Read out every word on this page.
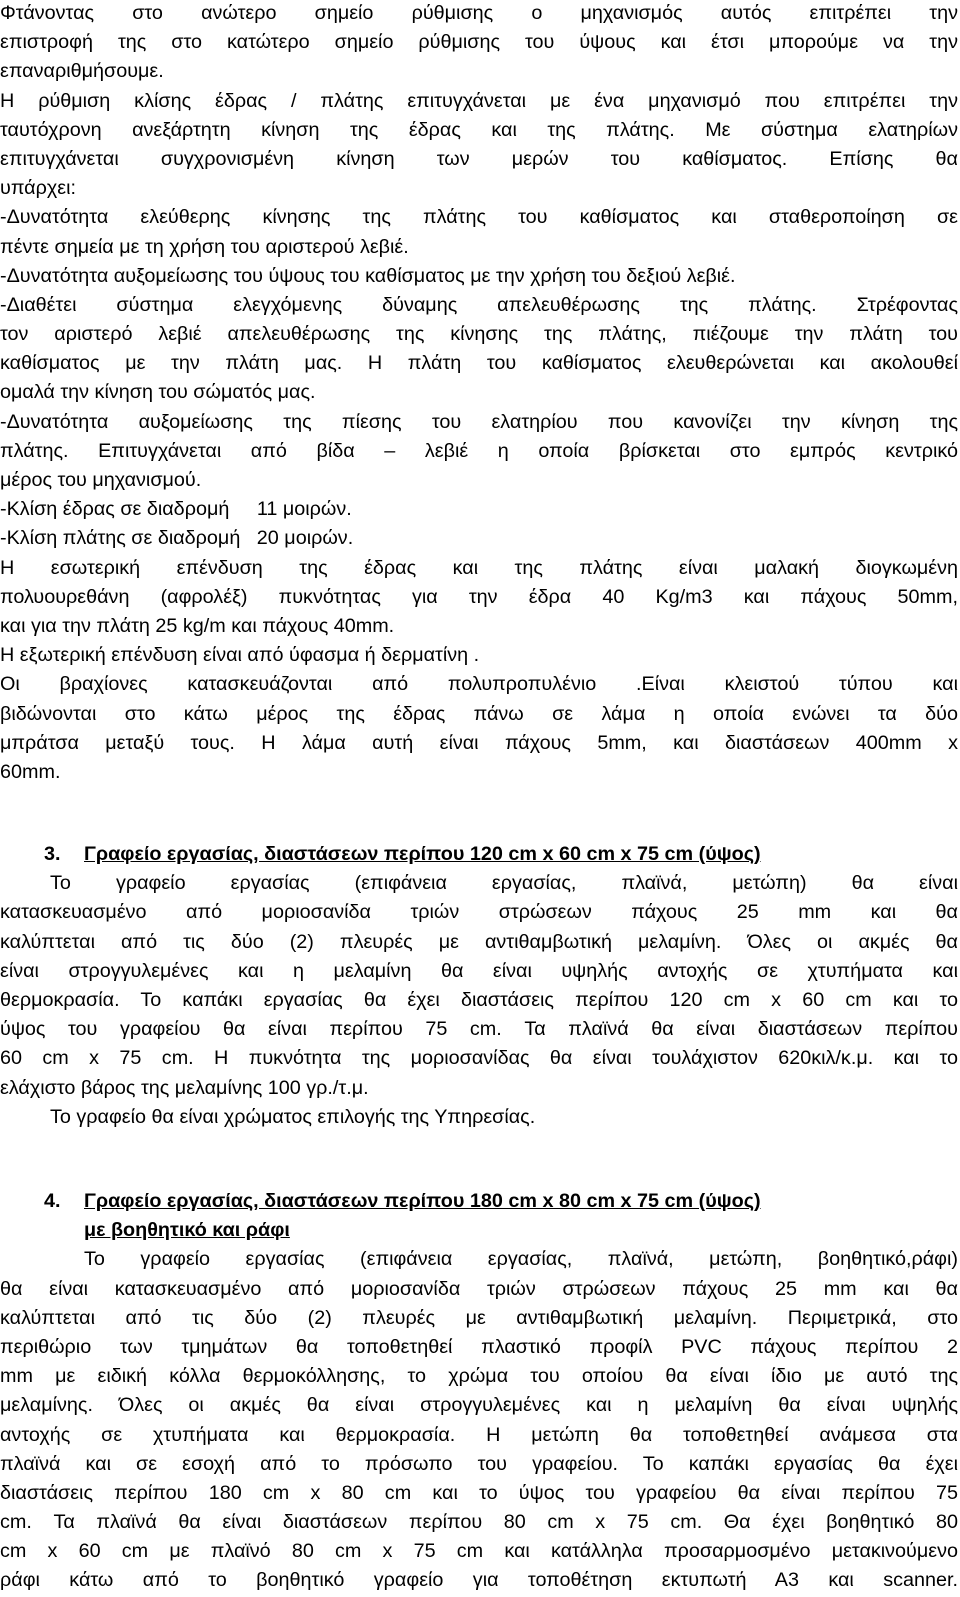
Φτάνοντας στο ανώτερο σημείο ρύθμισης ο μηχανισμός αυτός επιτρέπει την
επιστροφή της στο κατώτερο σημείο ρύθμισης του ύψους και έτσι μπορούμε να την
επαναριθμήσουμε.
Η ρύθμιση κλίσης έδρας / πλάτης επιτυγχάνεται με ένα μηχανισμό που επιτρέπει την
ταυτόχρονη ανεξάρτητη κίνηση της έδρας και της πλάτης. Με σύστημα ελατηρίων
επιτυγχάνεται συγχρονισμένη κίνηση των μερών του καθίσματος. Επίσης θα
υπάρχει:
-Δυνατότητα ελεύθερης κίνησης της πλάτης του καθίσματος και σταθεροποίηση σε
πέντε σημεία με τη χρήση του αριστερού λεβιέ.
-Δυνατότητα αυξομείωσης του ύψους του καθίσματος με την χρήση του δεξιού λεβιέ.
-Διαθέτει σύστημα ελεγχόμενης δύναμης απελευθέρωσης της πλάτης. Στρέφοντας
τον αριστερό λεβιέ απελευθέρωσης της κίνησης της πλάτης, πιέζουμε την πλάτη του
καθίσματος με την πλάτη μας. Η πλάτη του καθίσματος ελευθερώνεται και ακολουθεί
ομαλά την κίνηση του σώματός μας.
-Δυνατότητα αυξομείωσης της πίεσης του ελατηρίου που κανονίζει την κίνηση της
πλάτης. Επιτυγχάνεται από βίδα – λεβιέ η οποία βρίσκεται στο εμπρός κεντρικό
μέρος του μηχανισμού.
-Κλίση έδρας σε διαδρομή     11 μοιρών.
-Κλίση πλάτης σε διαδρομή   20 μοιρών.
Η εσωτερική επένδυση της έδρας και της πλάτης είναι μαλακή διογκωμένη
πολυουρεθάνη (αφρολέξ) πυκνότητας για την έδρα 40 Kg/m3 και πάχους 50mm,
και για την πλάτη 25 kg/m και πάχους 40mm.
Η εξωτερική επένδυση είναι από ύφασμα ή δερματίνη .
Οι βραχίονες κατασκευάζονται από πολυπροπυλένιο .Είναι κλειστού τύπου και
βιδώνονται στο κάτω μέρος της έδρας πάνω σε λάμα η οποία ενώνει τα δύο
μπράτσα μεταξύ τους. Η λάμα αυτή είναι πάχους 5mm, και διαστάσεων 400mm x
60mm.
3. Γραφείο εργασίας, διαστάσεων περίπου 120 cm x 60 cm x 75 cm (ύψος)
Το γραφείο εργασίας (επιφάνεια εργασίας, πλαϊνά, μετώπη) θα είναι
κατασκευασμένο από μοριοσανίδα τριών στρώσεων πάχους 25 mm και θα
καλύπτεται από τις δύο (2) πλευρές με αντιθαμβωτική μελαμίνη. Όλες οι ακμές θα
είναι στρογγυλεμένες και η μελαμίνη θα είναι υψηλής αντοχής σε χτυπήματα και
θερμοκρασία. Το καπάκι εργασίας θα έχει διαστάσεις περίπου 120 cm x 60 cm και το
ύψος του γραφείου θα είναι περίπου 75 cm. Τα πλαϊνά θα είναι διαστάσεων περίπου
60 cm x 75 cm. Η πυκνότητα της μοριοσανίδας θα είναι τουλάχιστον 620κιλ/κ.μ. και το
ελάχιστο βάρος της μελαμίνης 100 γρ./τ.μ.
Το γραφείο θα είναι χρώματος επιλογής της Υπηρεσίας.
4. Γραφείο εργασίας, διαστάσεων περίπου 180 cm x 80 cm x 75 cm (ύψος)
με βοηθητικό και ράφι
Το γραφείο εργασίας (επιφάνεια εργασίας, πλαϊνά, μετώπη, βοηθητικό,ράφι)
θα είναι κατασκευασμένο από μοριοσανίδα τριών στρώσεων πάχους 25 mm και θα
καλύπτεται από τις δύο (2) πλευρές με αντιθαμβωτική μελαμίνη. Περιμετρικά, στο
περιθώριο των τμημάτων θα τοποθετηθεί πλαστικό προφίλ PVC πάχους περίπου 2
mm με ειδική κόλλα θερμοκόλλησης, το χρώμα του οποίου θα είναι ίδιο με αυτό της
μελαμίνης. Όλες οι ακμές θα είναι στρογγυλεμένες και η μελαμίνη θα είναι υψηλής
αντοχής σε χτυπήματα και θερμοκρασία. Η μετώπη θα τοποθετηθεί ανάμεσα στα
πλαϊνά και σε εσοχή από το πρόσωπο του γραφείου. Το καπάκι εργασίας θα έχει
διαστάσεις περίπου 180 cm x 80 cm και το ύψος του γραφείου θα είναι περίπου 75
cm. Τα πλαϊνά θα είναι διαστάσεων περίπου 80 cm x 75 cm. Θα έχει βοηθητικό 80
cm x 60 cm με πλαϊνό 80 cm x 75 cm και κατάλληλα προσαρμοσμένο μετακινούμενο
ράφι κάτω από το βοηθητικό γραφείο για τοποθέτηση εκτυπωτή Α3 και scanner.
